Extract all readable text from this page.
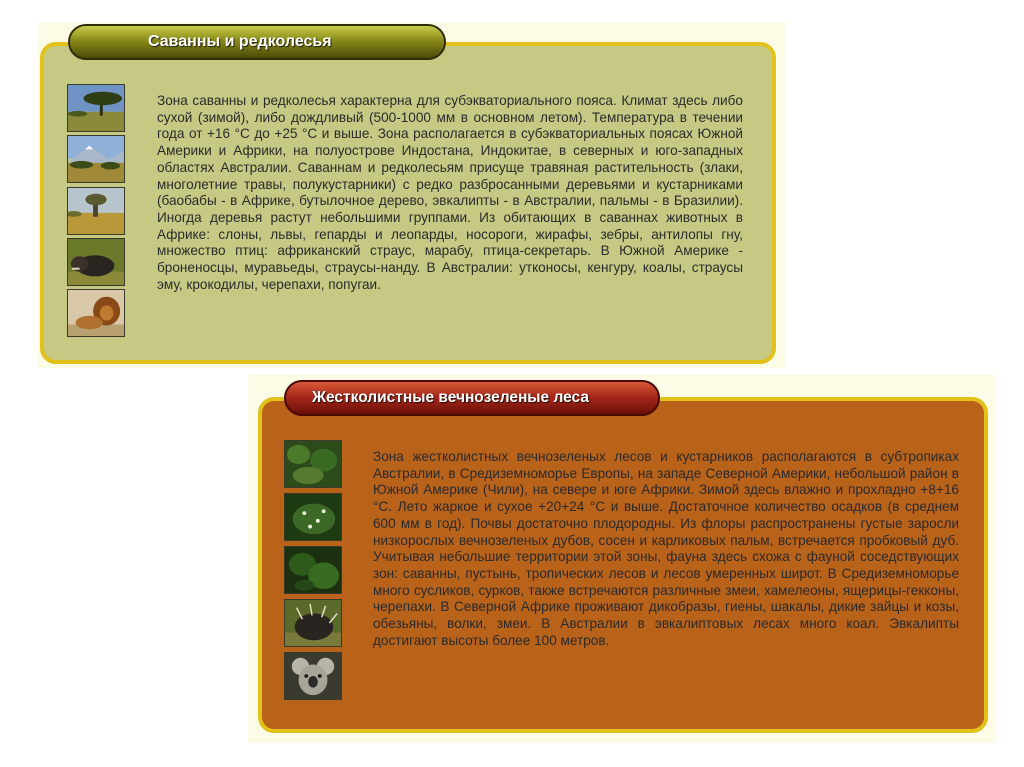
Саванны и редколесья

Зона саванны и редколесья характерна для субэкваториального пояса. Климат здесь либо сухой (зимой), либо дождливый (500-1000 мм в основном летом). Температура в течении года от +16 °С до +25 °С и выше. Зона располагается в субэкваториальных поясах Южной Америки и Африки, на полуострове Индостана, Индокитае, в северных и юго-западных областях Австралии. Саваннам и редколесьям присуще травяная растительность (злаки, многолетние травы, полукустарники) с редко разбросанными деревьями и кустарниками (баобабы - в Африке, бутылочное дерево, эвкалипты - в Австралии, пальмы - в Бразилии). Иногда деревья растут небольшими группами. Из обитающих в саваннах животных в Африке: слоны, львы, гепарды и леопарды, носороги, жирафы, зебры, антилопы гну, множество птиц: африканский страус, марабу, птица-секретарь. В Южной Америке - броненосцы, муравьеды, страусы-нанду. В Австралии: утконосы, кенгуру, коалы, страусы эму, крокодилы, черепахи, попугаи.

Жестколистные вечнозеленые леса

Зона жестколистных вечнозеленых лесов и кустарников располагаются в субтропиках Австралии, в Средиземноморье Европы, на западе Северной Америки, небольшой район в Южной Америке (Чили), на севере и юге Африки. Зимой здесь влажно и прохладно +8+16 °С. Лето жаркое и сухое +20+24 °С и выше. Достаточное количество осадков (в среднем 600 мм в год). Почвы достаточно плодородны. Из флоры распространены густые заросли низкорослых вечнозеленых дубов, сосен и карликовых пальм, встречается пробковый дуб. Учитывая небольшие территории этой зоны, фауна здесь схожа с фауной соседствующих зон: саванны, пустынь, тропических лесов и лесов умеренных широт. В Средиземноморье много сусликов, сурков, также встречаются различные змеи, хамелеоны, ящерицы-гекконы, черепахи. В Северной Африке проживают дикобразы, гиены, шакалы, дикие зайцы и козы, обезьяны, волки, змеи. В Австралии в эвкалиптовых лесах много коал. Эвкалипты достигают высоты более 100 метров.
